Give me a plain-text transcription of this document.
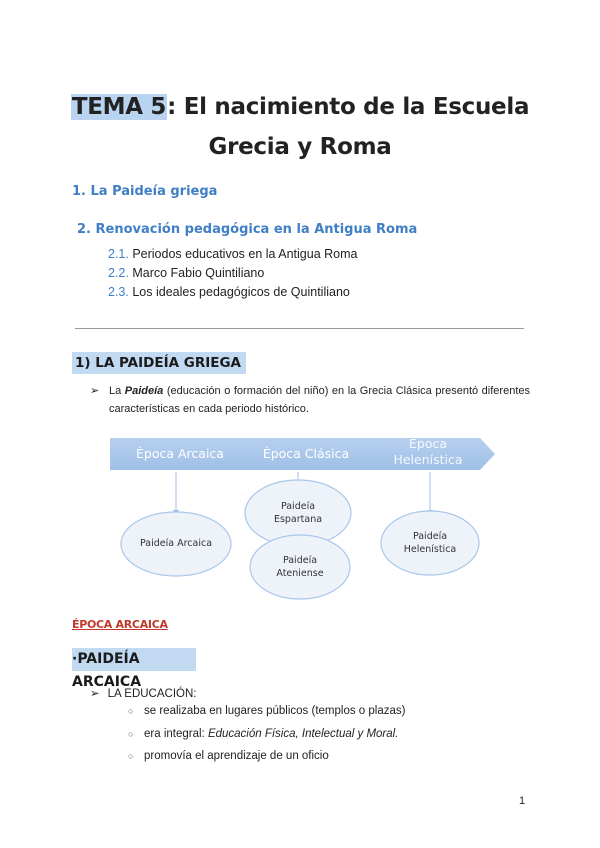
TEMA 5: El nacimiento de la Escuela
Grecia y Roma
1. La Paideía griega
2. Renovación pedagógica en la Antigua Roma
2.1. Periodos educativos en la Antigua Roma
2.2. Marco Fabio Quintiliano
2.3. Los ideales pedagógicos de Quintiliano
1) LA PAIDEÍA GRIEGA
➢ La Paideía (educación o formación del niño) en la Grecia Clásica presentó diferentes características en cada periodo histórico.
Época Arcaica	Época Clásica
Época
Helenística
Paideía Arcaica
Paideía
Espartana
Paideía
Ateniense
Paideía
Helenística
ÉPOCA ARCAICA
·PAIDEÍA ARCAICA
➢ LA EDUCACIÓN:
○ se realizaba en lugares públicos (templos o plazas)
○ era integral: Educación Física, Intelectual y Moral.
○ promovía el aprendizaje de un oficio
1
